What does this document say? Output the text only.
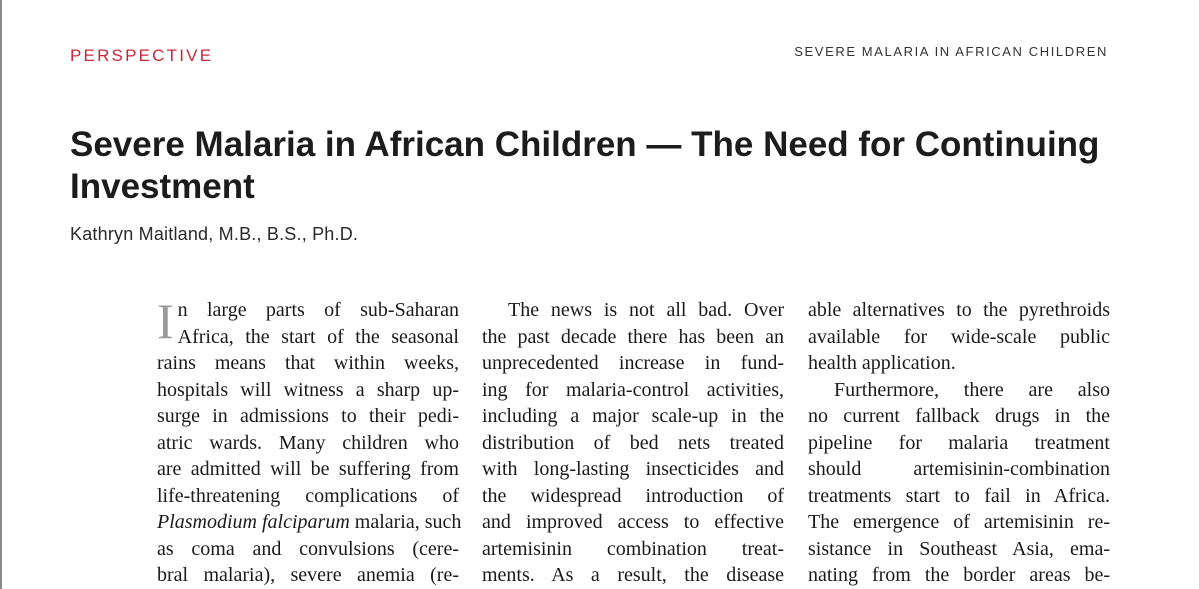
PERSPECTIVE	SEVERE MALARIA IN AFRICAN CHILDREN
Severe Malaria in African Children — The Need for Continuing Investment
Kathryn Maitland, M.B., B.S., Ph.D.
I n large parts of sub-Saharan
Africa, the start of the seasonal
rains means that within weeks,
hospitals will witness a sharp up-
surge in admissions to their pedi-
atric wards. Many children who
are admitted will be suffering from
life-threatening complications of
Plasmodium falciparum malaria, such
as coma and convulsions (cere-
bral malaria), severe anemia (re-
The news is not all bad. Over
the past decade there has been an
unprecedented increase in fund-
ing for malaria-control activities,
including a major scale-up in the
distribution of bed nets treated
with long-lasting insecticides and
the widespread introduction of
and improved access to effective
artemisinin combination treat-
ments. As a result, the disease
able alternatives to the pyrethroids
available for wide-scale public
health application.
Furthermore, there are also
no current fallback drugs in the
pipeline for malaria treatment
should artemisinin-combination
treatments start to fail in Africa.
The emergence of artemisinin re-
sistance in Southeast Asia, ema-
nating from the border areas be-
